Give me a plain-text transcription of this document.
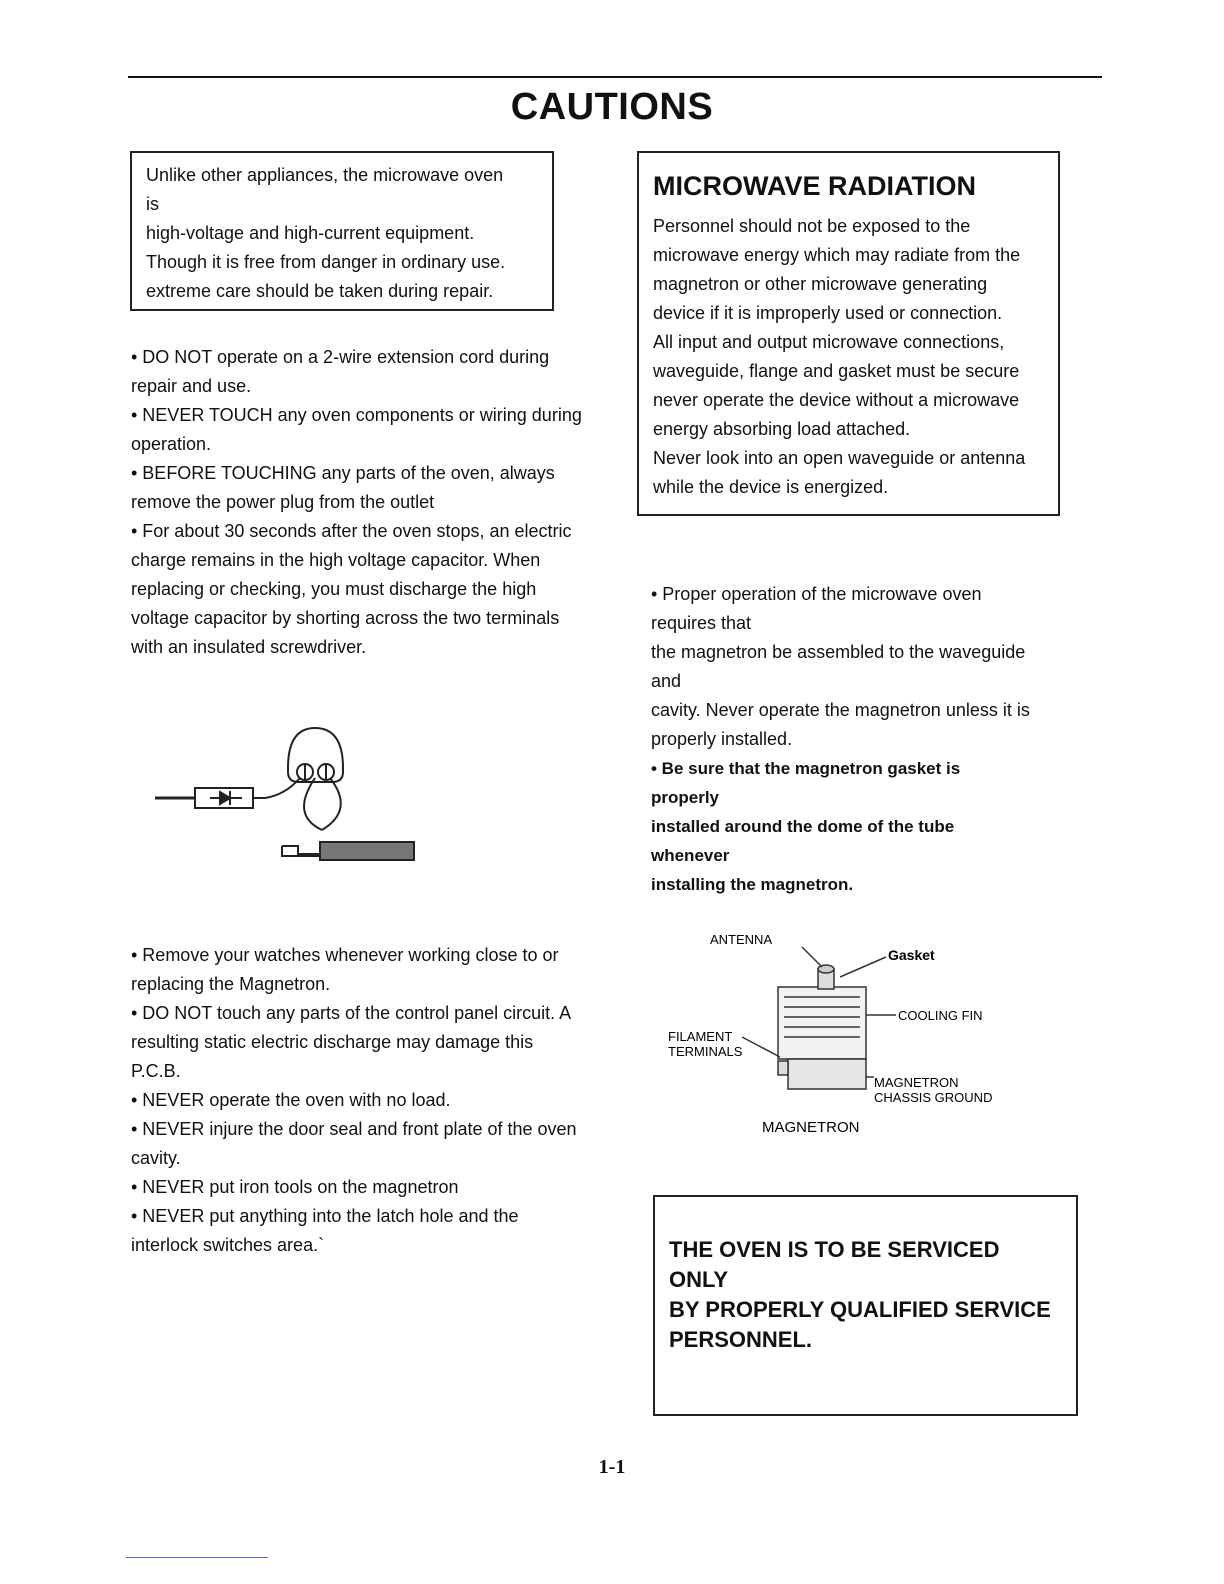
CAUTIONS

Unlike other appliances, the microwave oven

is

high-voltage and high-current equipment.

Though it is free from danger in ordinary use.

extreme care should be taken during repair.

MICROWAVE RADIATION

Personnel should not be exposed to the

microwave energy which may radiate from the

magnetron or other microwave generating

device if it is improperly used or connection.

All input and output microwave connections,

waveguide, flange and gasket must be secure

never operate the device without a microwave

energy absorbing load attached.

Never look into an open waveguide or antenna

while the device is energized.

• DO NOT operate on a 2-wire extension cord during

repair and use.

• NEVER TOUCH any oven components or wiring during

operation.

• BEFORE TOUCHING any parts of the oven, always

remove the power plug from the outlet

• For about 30 seconds after the oven stops, an electric

charge remains in the high voltage capacitor. When

replacing or checking, you must discharge the high

voltage capacitor by shorting across the two terminals

with an insulated screwdriver.

• Proper operation of the microwave oven

requires that

the magnetron be assembled to the waveguide

and

cavity. Never operate the magnetron unless it is

properly installed.

• Be sure that the magnetron gasket is

properly

installed around the dome of the tube

whenever

installing the magnetron.

ANTENNA
Gasket
COOLING FIN
FILAMENT
TERMINALS
MAGNETRON
CHASSIS GROUND
MAGNETRON

• Remove your watches whenever working close to or

replacing the Magnetron.

• DO NOT touch any parts of the control panel circuit. A

resulting static electric discharge may damage this

P.C.B.

• NEVER operate the oven with no load.

• NEVER injure the door seal and front plate of the oven

cavity.

• NEVER put iron tools on the magnetron

• NEVER put anything into the latch hole and the

interlock switches area.`	THE OVEN IS TO BE SERVICED

ONLY

BY PROPERLY QUALIFIED SERVICE

PERSONNEL.

1-1
